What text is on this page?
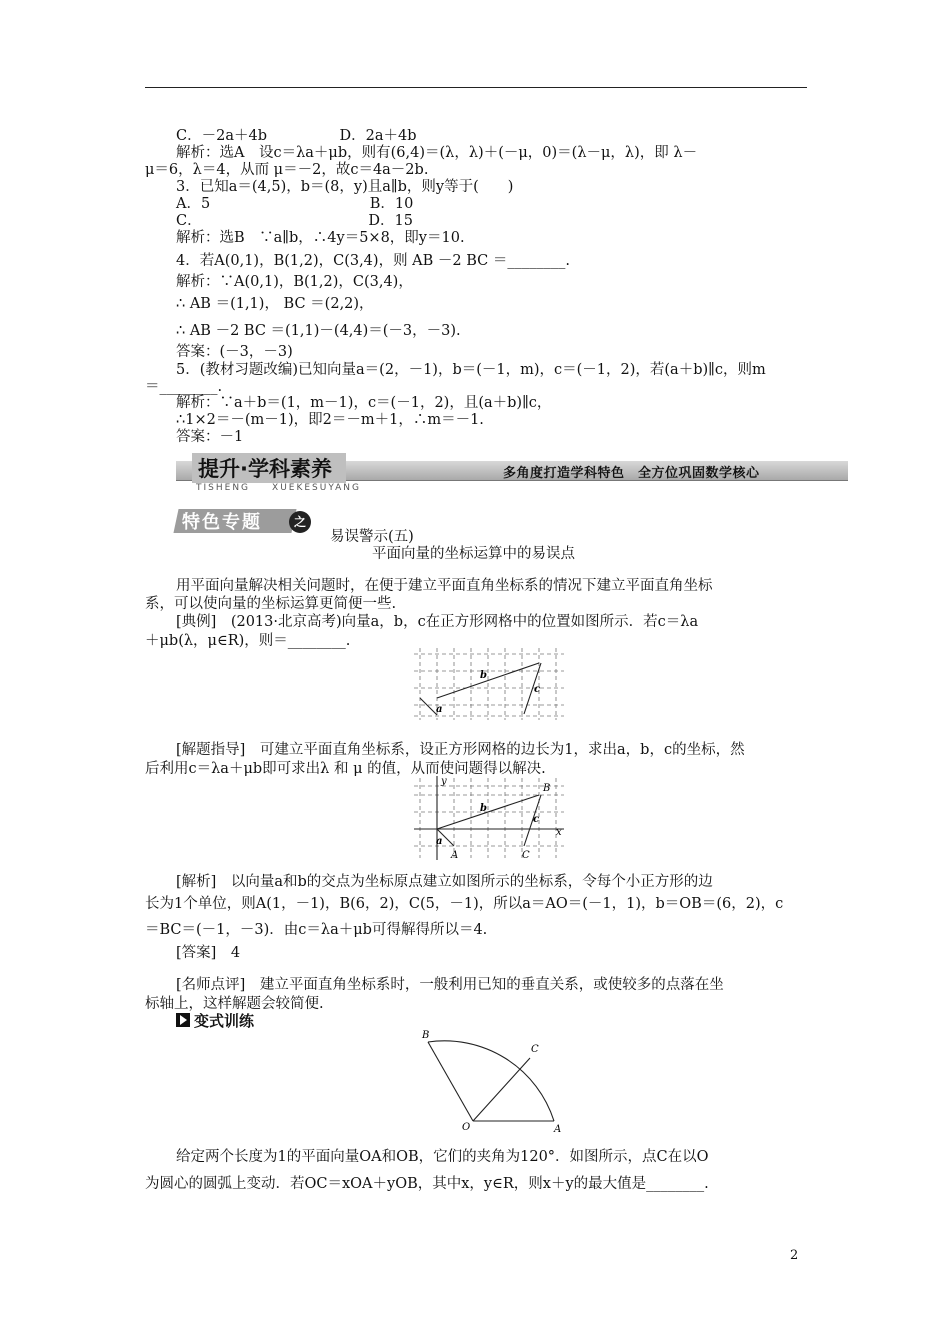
C．－2a＋4b　　　　　D．2a＋4b
解析：选A　设c＝λa＋μb，则有(6,4)＝(λ，λ)＋(－μ，0)＝(λ－μ，λ)，即 λ－
μ＝6，λ＝4，从而 μ＝－2，故c＝4a－2b.
3．已知a＝(4,5)，b＝(8，y)且a∥b，则y等于(　　)
A．5　　　　　　　　　　　B．10
C．　　　　　　　　　　　　D．15
解析：选B　∵a∥b，∴4y＝5×8，即y＝10.
4．若A(0,1)，B(1,2)，C(3,4)，则 AB －2 BC ＝________.
解析：∵A(0,1)，B(1,2)，C(3,4)，
∴ AB ＝(1,1)， BC ＝(2,2)，
∴ AB －2 BC ＝(1,1)－(4,4)＝(－3，－3).
答案：(－3，－3)
5．(教材习题改编)已知向量a＝(2，－1)，b＝(－1，m)，c＝(－1，2)，若(a＋b)∥c，则m
＝________.
解析：∵a＋b＝(1，m－1)，c＝(－1，2)，且(a＋b)∥c，
∴1×2＝－(m－1)，即2＝－m＋1，∴m＝－1.
答案：－1
提升·学科素养
TISHENG　　XUEKESUYANG
多角度打造学科特色　全方位巩固数学核心
特色专题	之
易误警示(五)
平面向量的坐标运算中的易误点
用平面向量解决相关问题时，在便于建立平面直角坐标系的情况下建立平面直角坐标
系，可以使向量的坐标运算更简便一些.
[典例]　(2013·北京高考)向量a，b，c在正方形网格中的位置如图所示．若c＝λa
＋μb(λ，μ∈R)，则＝________.
a
b
c
[解题指导]　可建立平面直角坐标系，设正方形网格的边长为1，求出a，b，c的坐标，然
后利用c＝λa＋μb即可求出λ 和 μ 的值，从而使问题得以解决.
y
x
a
b
c
A
B
C
[解析]　以向量a和b的交点为坐标原点建立如图所示的坐标系，令每个小正方形的边
长为1个单位，则A(1，－1)，B(6，2)，C(5，－1)，所以a＝AO＝(－1，1)，b＝OB＝(6，2)，c
＝BC＝(－1，－3)．由c＝λa＋μb可得解得所以＝4.
[答案]　4
[名师点评]　建立平面直角坐标系时，一般利用已知的垂直关系，或使较多的点落在坐
标轴上，这样解题会较简便.
变式训练
O	A
B
C
给定两个长度为1的平面向量OA和OB，它们的夹角为120°．如图所示，点C在以O
为圆心的圆弧上变动．若OC＝xOA＋yOB，其中x，y∈R，则x＋y的最大值是________.
2
